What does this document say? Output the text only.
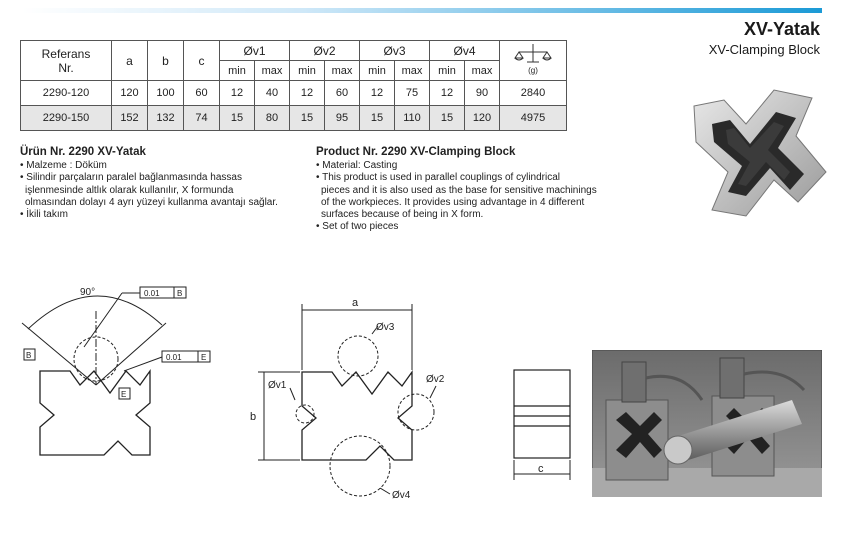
XV-Yatak
XV-Clamping Block
Referans
Nr.	a	b	c	Øv1		Øv2		Øv3		Øv4		(g)

				min	max	min	max	min	max	min	max	
2290-120	120	100	60	12	40	12	60	12	75	12	90	2840
2290-150	152	132	74	15	80	15	95	15	110	15	120	4975
Ürün Nr. 2290 XV-Yatak
• Malzeme : Döküm
• Silindir parçaların paralel bağlanmasında hassas
işlenmesinde altlık olarak kullanılır, X formunda
olmasından dolayı 4 ayrı yüzeyi kullanma avantajı sağlar.
• İkili takım
Product Nr. 2290 XV-Clamping Block
• Material: Casting
• This product is used in parallel couplings of cylindrical
pieces and it is also used as the base for sensitive machinings
of the workpieces. It provides using advantage in 4 different
surfaces because of being in X form.
• Set of two pieces
90°	0.01 B
0.01 E
B
E
a
b
Øv1
Øv3
Øv2
Øv4
c
